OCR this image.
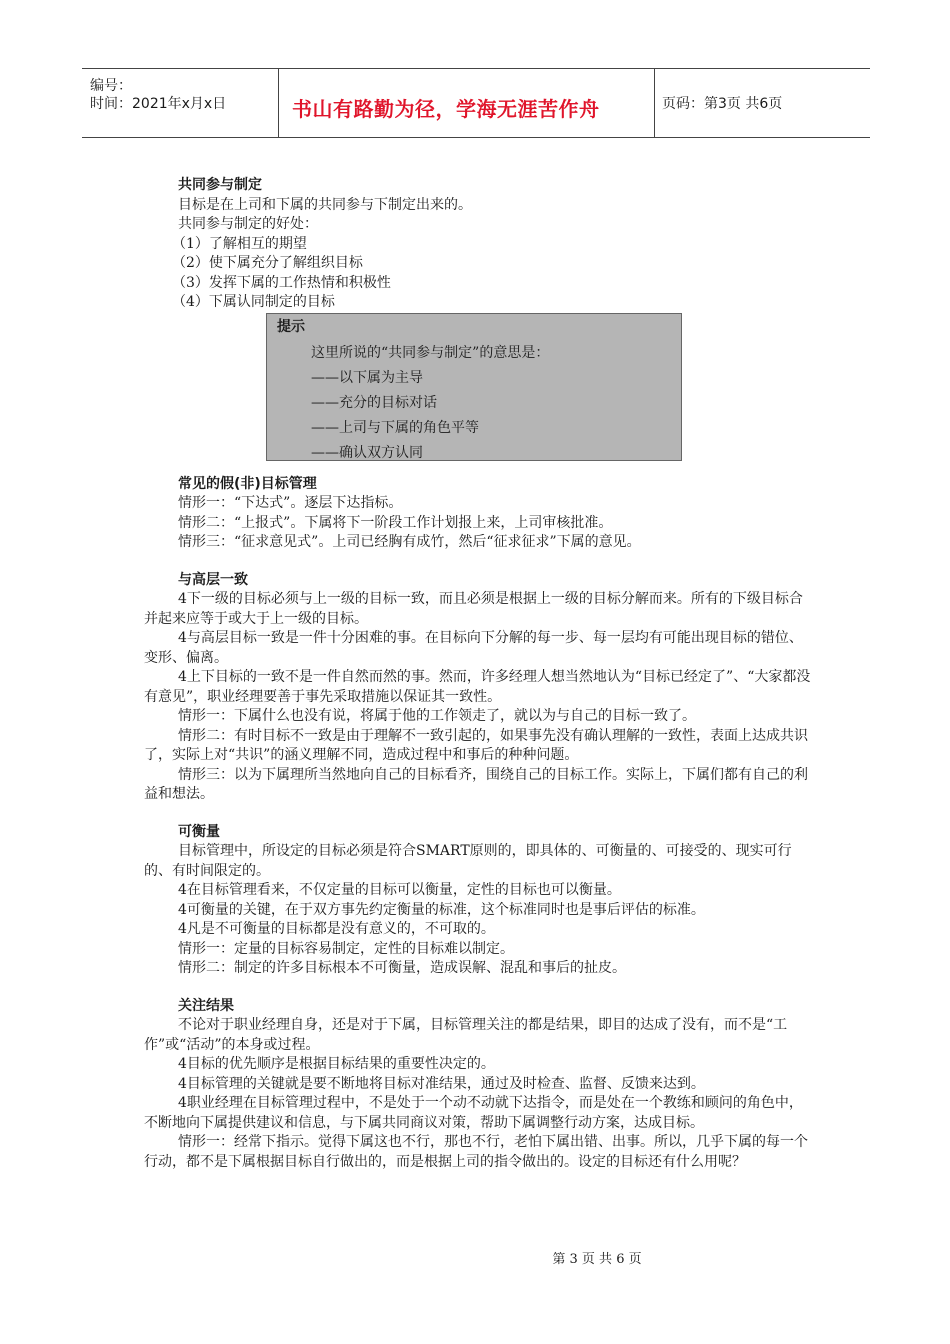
编号：
时间：2021年x月x日	书山有路勤为径，学海无涯苦作舟	页码：第3页 共6页
共同参与制定
目标是在上司和下属的共同参与下制定出来的。
共同参与制定的好处：
（1）了解相互的期望
（2）使下属充分了解组织目标
（3）发挥下属的工作热情和积极性
（4）下属认同制定的目标
提示
这里所说的“共同参与制定”的意思是：
——以下属为主导
——充分的目标对话
——上司与下属的角色平等
——确认双方认同
常见的假(非)目标管理
情形一：“下达式”。逐层下达指标。
情形二：“上报式”。下属将下一阶段工作计划报上来，上司审核批准。
情形三：“征求意见式”。上司已经胸有成竹，然后“征求征求”下属的意见。
与高层一致
4下一级的目标必须与上一级的目标一致，而且必须是根据上一级的目标分解而来。所有的下级目标合并起来应等于或大于上一级的目标。
4与高层目标一致是一件十分困难的事。在目标向下分解的每一步、每一层均有可能出现目标的错位、变形、偏离。
4上下目标的一致不是一件自然而然的事。然而，许多经理人想当然地认为“目标已经定了”、“大家都没有意见”，职业经理要善于事先采取措施以保证其一致性。
情形一：下属什么也没有说，将属于他的工作领走了，就以为与自己的目标一致了。
情形二：有时目标不一致是由于理解不一致引起的，如果事先没有确认理解的一致性，表面上达成共识了，实际上对“共识”的涵义理解不同，造成过程中和事后的种种问题。
情形三：以为下属理所当然地向自己的目标看齐，围绕自己的目标工作。实际上，下属们都有自己的利益和想法。
可衡量
目标管理中，所设定的目标必须是符合SMART原则的，即具体的、可衡量的、可接受的、现实可行的、有时间限定的。
4在目标管理看来，不仅定量的目标可以衡量，定性的目标也可以衡量。
4可衡量的关键，在于双方事先约定衡量的标准，这个标准同时也是事后评估的标准。
4凡是不可衡量的目标都是没有意义的，不可取的。
情形一：定量的目标容易制定，定性的目标难以制定。
情形二：制定的许多目标根本不可衡量，造成误解、混乱和事后的扯皮。
关注结果
不论对于职业经理自身，还是对于下属，目标管理关注的都是结果，即目的达成了没有，而不是“工作”或“活动”的本身或过程。
4目标的优先顺序是根据目标结果的重要性决定的。
4目标管理的关键就是要不断地将目标对准结果，通过及时检查、监督、反馈来达到。
4职业经理在目标管理过程中，不是处于一个动不动就下达指令，而是处在一个教练和顾问的角色中，不断地向下属提供建议和信息，与下属共同商议对策，帮助下属调整行动方案，达成目标。
情形一：经常下指示。觉得下属这也不行，那也不行，老怕下属出错、出事。所以，几乎下属的每一个行动，都不是下属根据目标自行做出的，而是根据上司的指令做出的。设定的目标还有什么用呢？
第 3 页 共 6 页
